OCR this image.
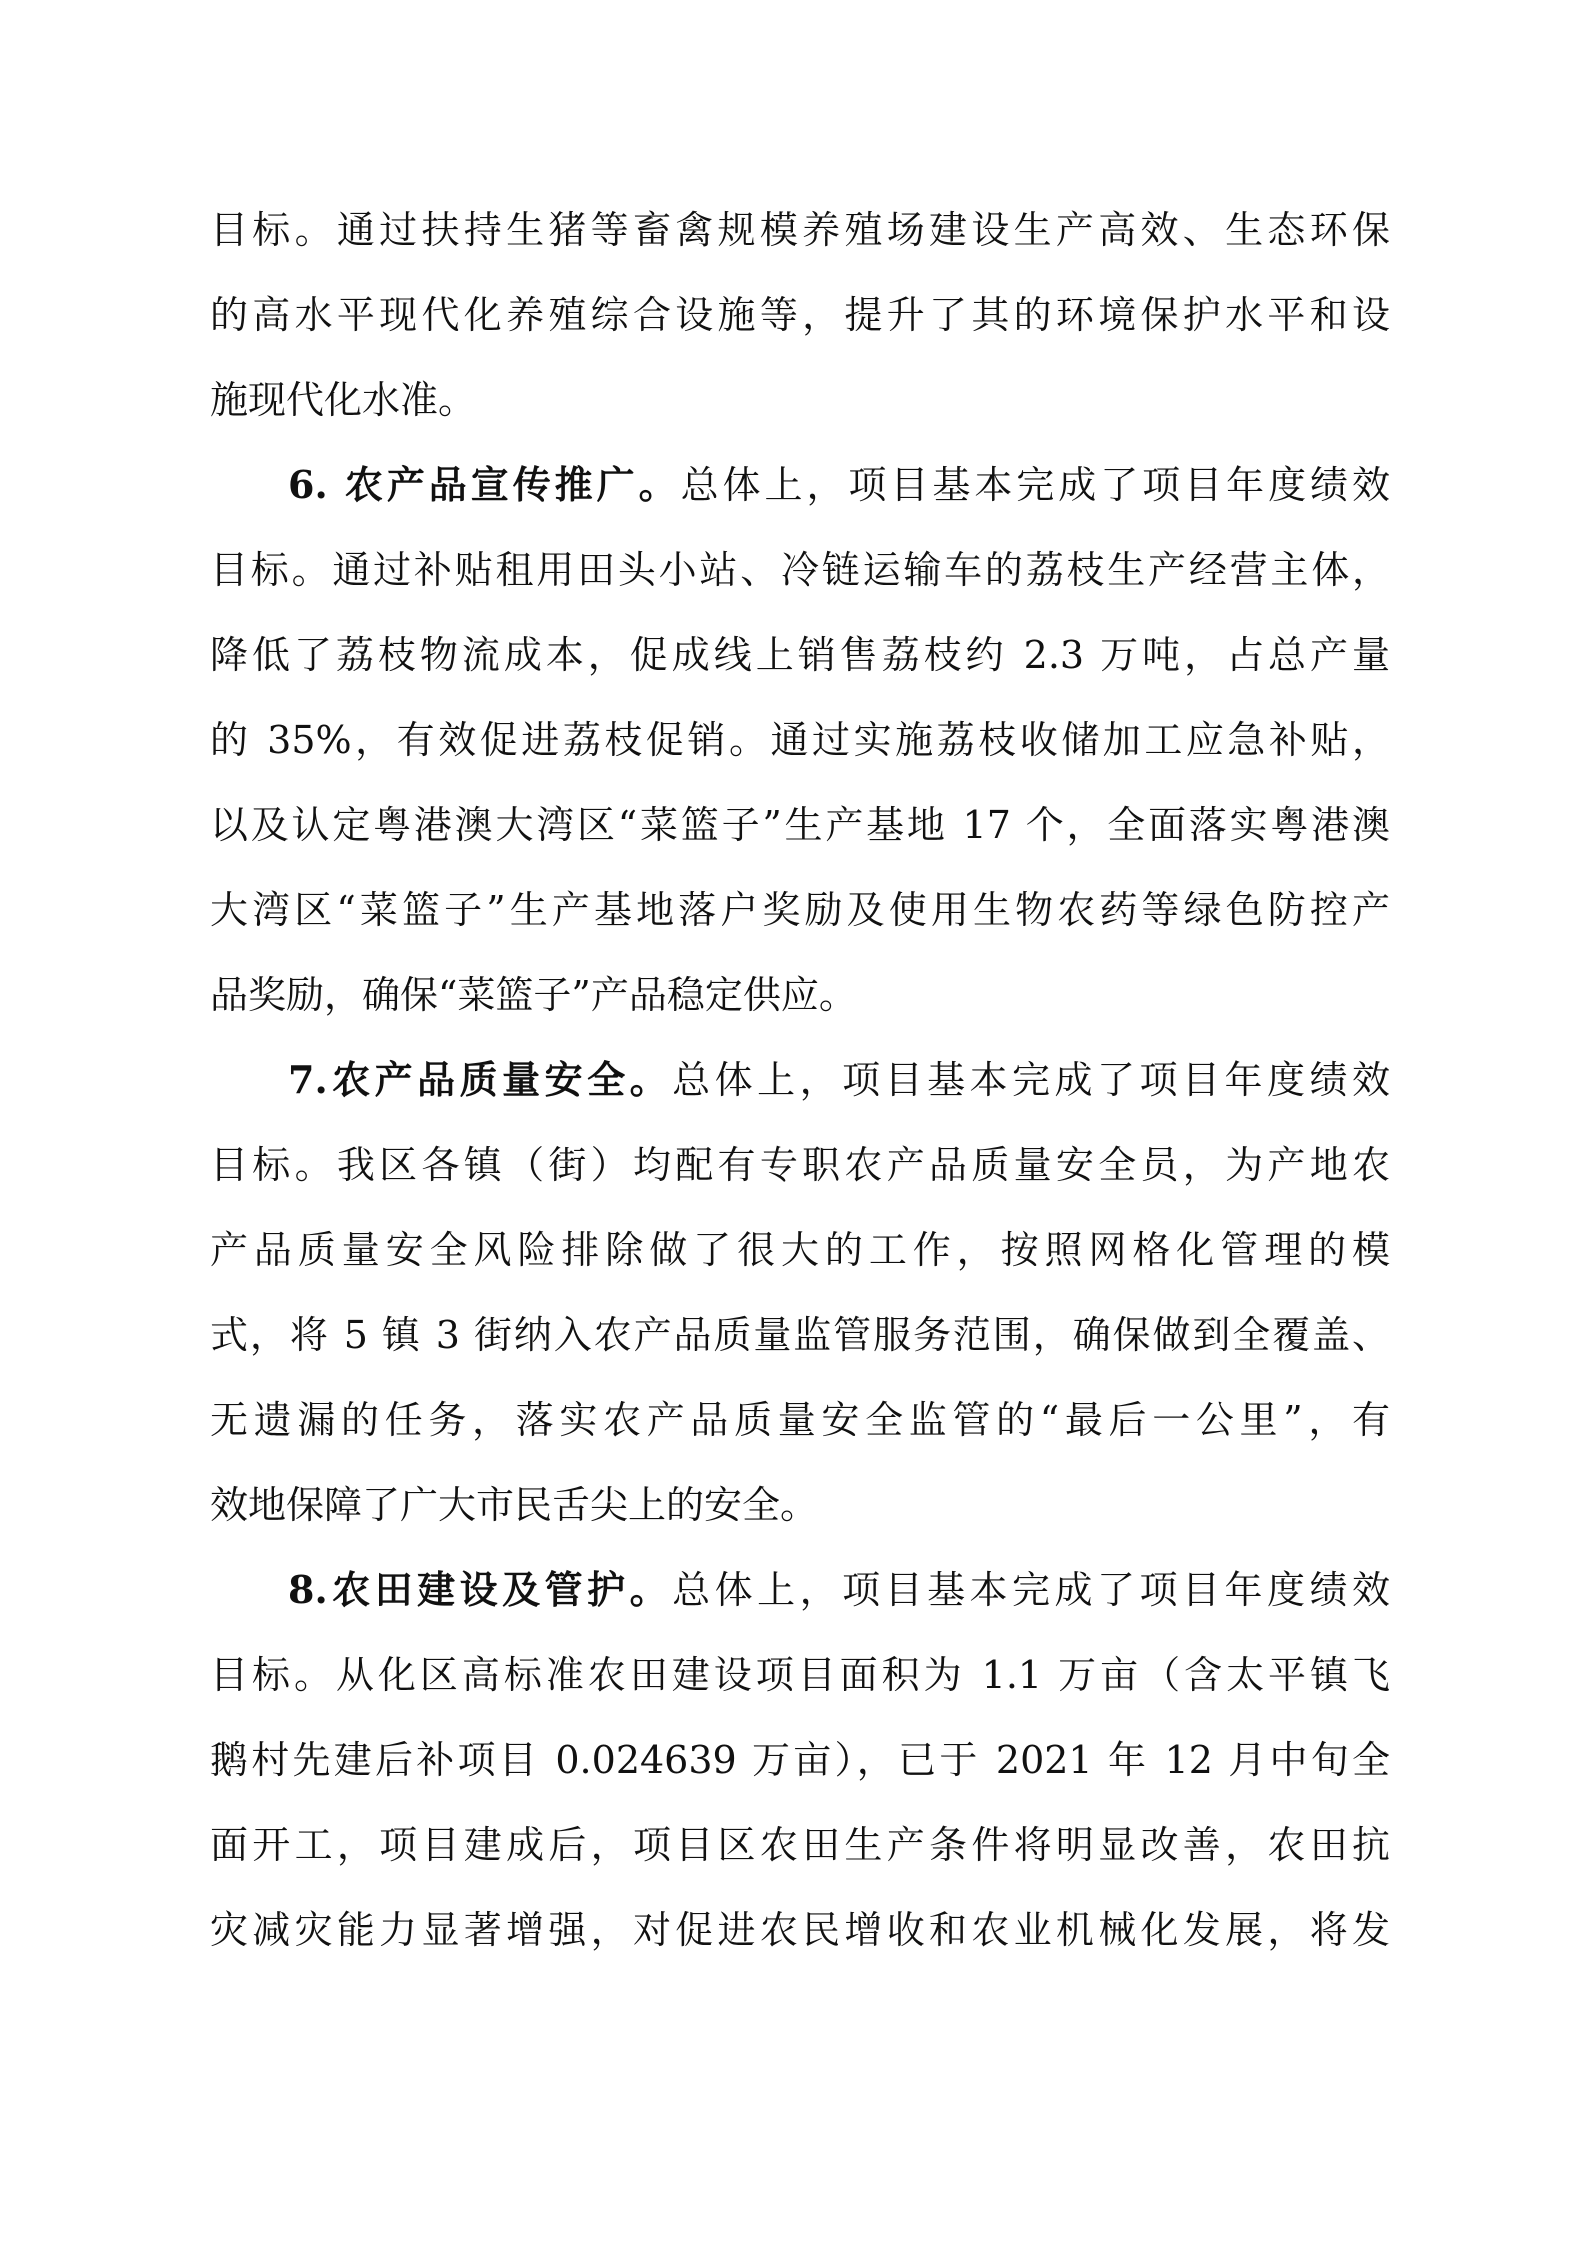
目标。通过扶持生猪等畜禽规模养殖场建设生产高效、生态环保
的高水平现代化养殖综合设施等，提升了其的环境保护水平和设
施现代化水准。
6. 农产品宣传推广。总体上，项目基本完成了项目年度绩效
目标。通过补贴租用田头小站、冷链运输车的荔枝生产经营主体，
降低了荔枝物流成本，促成线上销售荔枝约 2.3 万吨，占总产量
的 35%，有效促进荔枝促销。通过实施荔枝收储加工应急补贴，
以及认定粤港澳大湾区“菜篮子”生产基地 17 个，全面落实粤港澳
大湾区“菜篮子”生产基地落户奖励及使用生物农药等绿色防控产
品奖励，确保“菜篮子”产品稳定供应。
7.农产品质量安全。总体上，项目基本完成了项目年度绩效
目标。我区各镇（街）均配有专职农产品质量安全员，为产地农
产品质量安全风险排除做了很大的工作，按照网格化管理的模
式，将 5 镇 3 街纳入农产品质量监管服务范围，确保做到全覆盖、
无遗漏的任务，落实农产品质量安全监管的“最后一公里”，有
效地保障了广大市民舌尖上的安全。
8.农田建设及管护。总体上，项目基本完成了项目年度绩效
目标。从化区高标准农田建设项目面积为 1.1 万亩（含太平镇飞
鹅村先建后补项目 0.024639 万亩），已于 2021 年 12 月中旬全
面开工，项目建成后，项目区农田生产条件将明显改善，农田抗
灾减灾能力显著增强，对促进农民增收和农业机械化发展，将发
